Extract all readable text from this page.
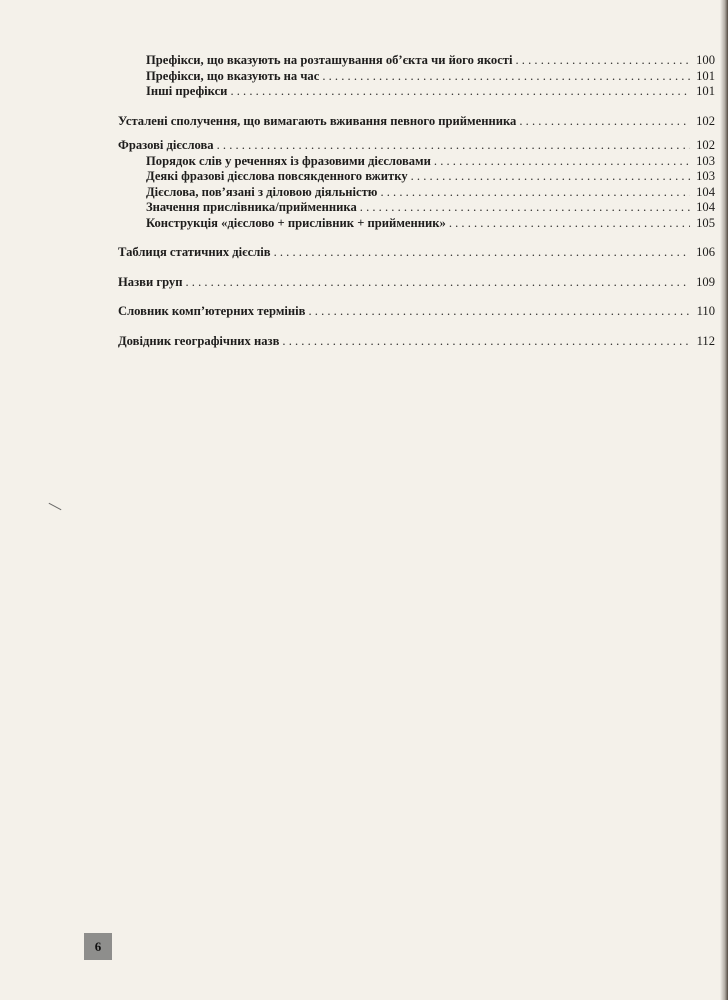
Префікси, що вказують на розташування об’єкта чи його якості . . .	100
Префікси, що вказують на час . . .	101
Інші префікси . . .	101
Усталені сполучення, що вимагають вживання певного прийменника . . .	102
Фразові дієслова . . .	102
Порядок слів у реченнях із фразовими дієсловами . . .	103
Деякі фразові дієслова повсякденного вжитку . . .	103
Дієслова, пов’язані з діловою діяльністю . . .	104
Значення прислівника/прийменника . . .	104
Конструкція «дієслово + прислівник + прийменник» . . .	105
Таблиця статичних дієслів . . .	106
Назви груп . . .	109
Словник комп’ютерних термінів . . .	110
Довідник географічних назв . . .	112
6
